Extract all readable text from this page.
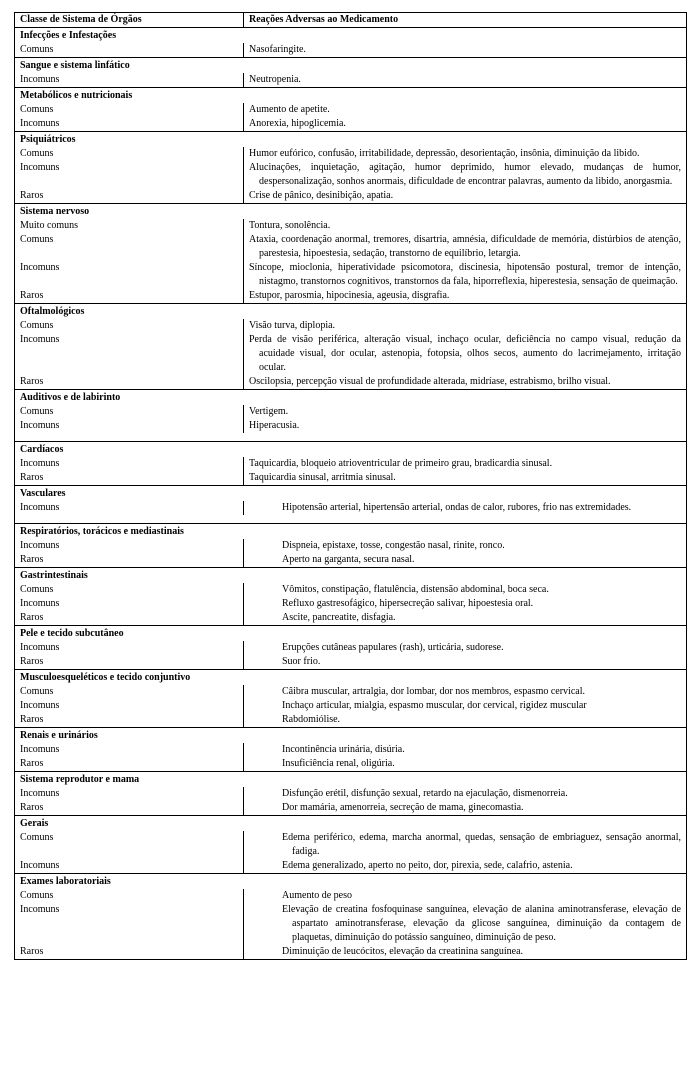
Classe de Sistema de Órgãos	Reações Adversas ao Medicamento
Infecções e Infestações	
Comuns	Nasofaringite.

Sangue e sistema linfático	
Incomuns	Neutropenia.

Metabólicos e nutricionais	
Comuns	Aumento de apetite.

Incomuns	Anorexia, hipoglicemia.

Psiquiátricos	
Comuns	Humor eufórico, confusão, irritabilidade, depressão, desorientação, insônia, diminuição da libido.

Incomuns	Alucinações, inquietação, agitação, humor deprimido, humor elevado, mudanças de humor, despersonalização, sonhos anormais, dificuldade de encontrar palavras, aumento da libido, anorgasmia.

Raros	Crise de pânico, desinibição, apatia.

Sistema nervoso	
Muito comuns	Tontura, sonolência.

Comuns	Ataxia, coordenação anormal, tremores, disartria, amnésia, dificuldade de memória, distúrbios de atenção, parestesia, hipoestesia, sedação, transtorno de equilíbrio, letargia.

Incomuns	Síncope, mioclonia, hiperatividade psicomotora, discinesia, hipotensão postural, tremor de intenção, nistagmo, transtornos cognitivos, transtornos da fala, hiporreflexia, hiperestesia, sensação de queimação.

Raros	Estupor, parosmia, hipocinesia, ageusia, disgrafia.

Oftalmológicos	
Comuns	Visão turva, diplopia.

Incomuns	Perda de visão periférica, alteração visual, inchaço ocular, deficiência no campo visual, redução da acuidade visual, dor ocular, astenopia, fotopsia, olhos secos, aumento do lacrimejamento, irritação ocular.

Raros	Oscilopsia, percepção visual de profundidade alterada, midríase, estrabismo, brilho visual.

Auditivos e de labirinto	
Comuns	Vertigem.

Incomuns	Hiperacusia.

Cardíacos	
Incomuns	Taquicardia, bloqueio atrioventricular de primeiro grau, bradicardia sinusal.

Raros	Taquicardia sinusal, arritmia sinusal.

Vasculares	
Incomuns	Hipotensão arterial, hipertensão arterial, ondas de calor, rubores, frio nas extremidades.

Respiratórios, torácicos e mediastinais	
Incomuns	Dispneia, epistaxe, tosse, congestão nasal, rinite, ronco.

Raros	Aperto na garganta, secura nasal.

Gastrintestinais	
Comuns	Vômitos, constipação, flatulência, distensão abdominal, boca seca.

Incomuns	Refluxo gastresofágico, hipersecreção salivar, hipoestesia oral.

Raros	Ascite, pancreatite, disfagia.

Pele e tecido subcutâneo	
Incomuns	Erupções cutâneas papulares (rash), urticária, sudorese.

Raros	Suor frio.

Musculoesqueléticos e tecido conjuntivo	
Comuns	Câibra muscular, artralgia, dor lombar, dor nos membros, espasmo cervical.

Incomuns	Inchaço articular, mialgia, espasmo muscular, dor cervical, rigidez muscular

Raros	Rabdomiólise.

Renais e urinários	
Incomuns	Incontinência urinária, disúria.

Raros	Insuficiência renal, oligúria.

Sistema reprodutor e mama	
Incomuns	Disfunção erétil, disfunção sexual, retardo na ejaculação, dismenorreia.

Raros	Dor mamária, amenorreia, secreção de mama, ginecomastia.

Gerais	
Comuns	Edema periférico, edema, marcha anormal, quedas, sensação de embriaguez, sensação anormal, fadiga.

Incomuns	Edema generalizado, aperto no peito, dor, pirexia, sede, calafrio, astenia.

Exames laboratoriais	
Comuns	Aumento de peso

Incomuns	Elevação de creatina fosfoquinase sanguínea, elevação de alanina aminotransferase, elevação de aspartato aminotransferase, elevação da glicose sanguínea, diminuição da contagem de plaquetas, diminuição do potássio sanguíneo, diminuição de peso.

Raros	Diminuição de leucócitos, elevação da creatinina sanguínea.
